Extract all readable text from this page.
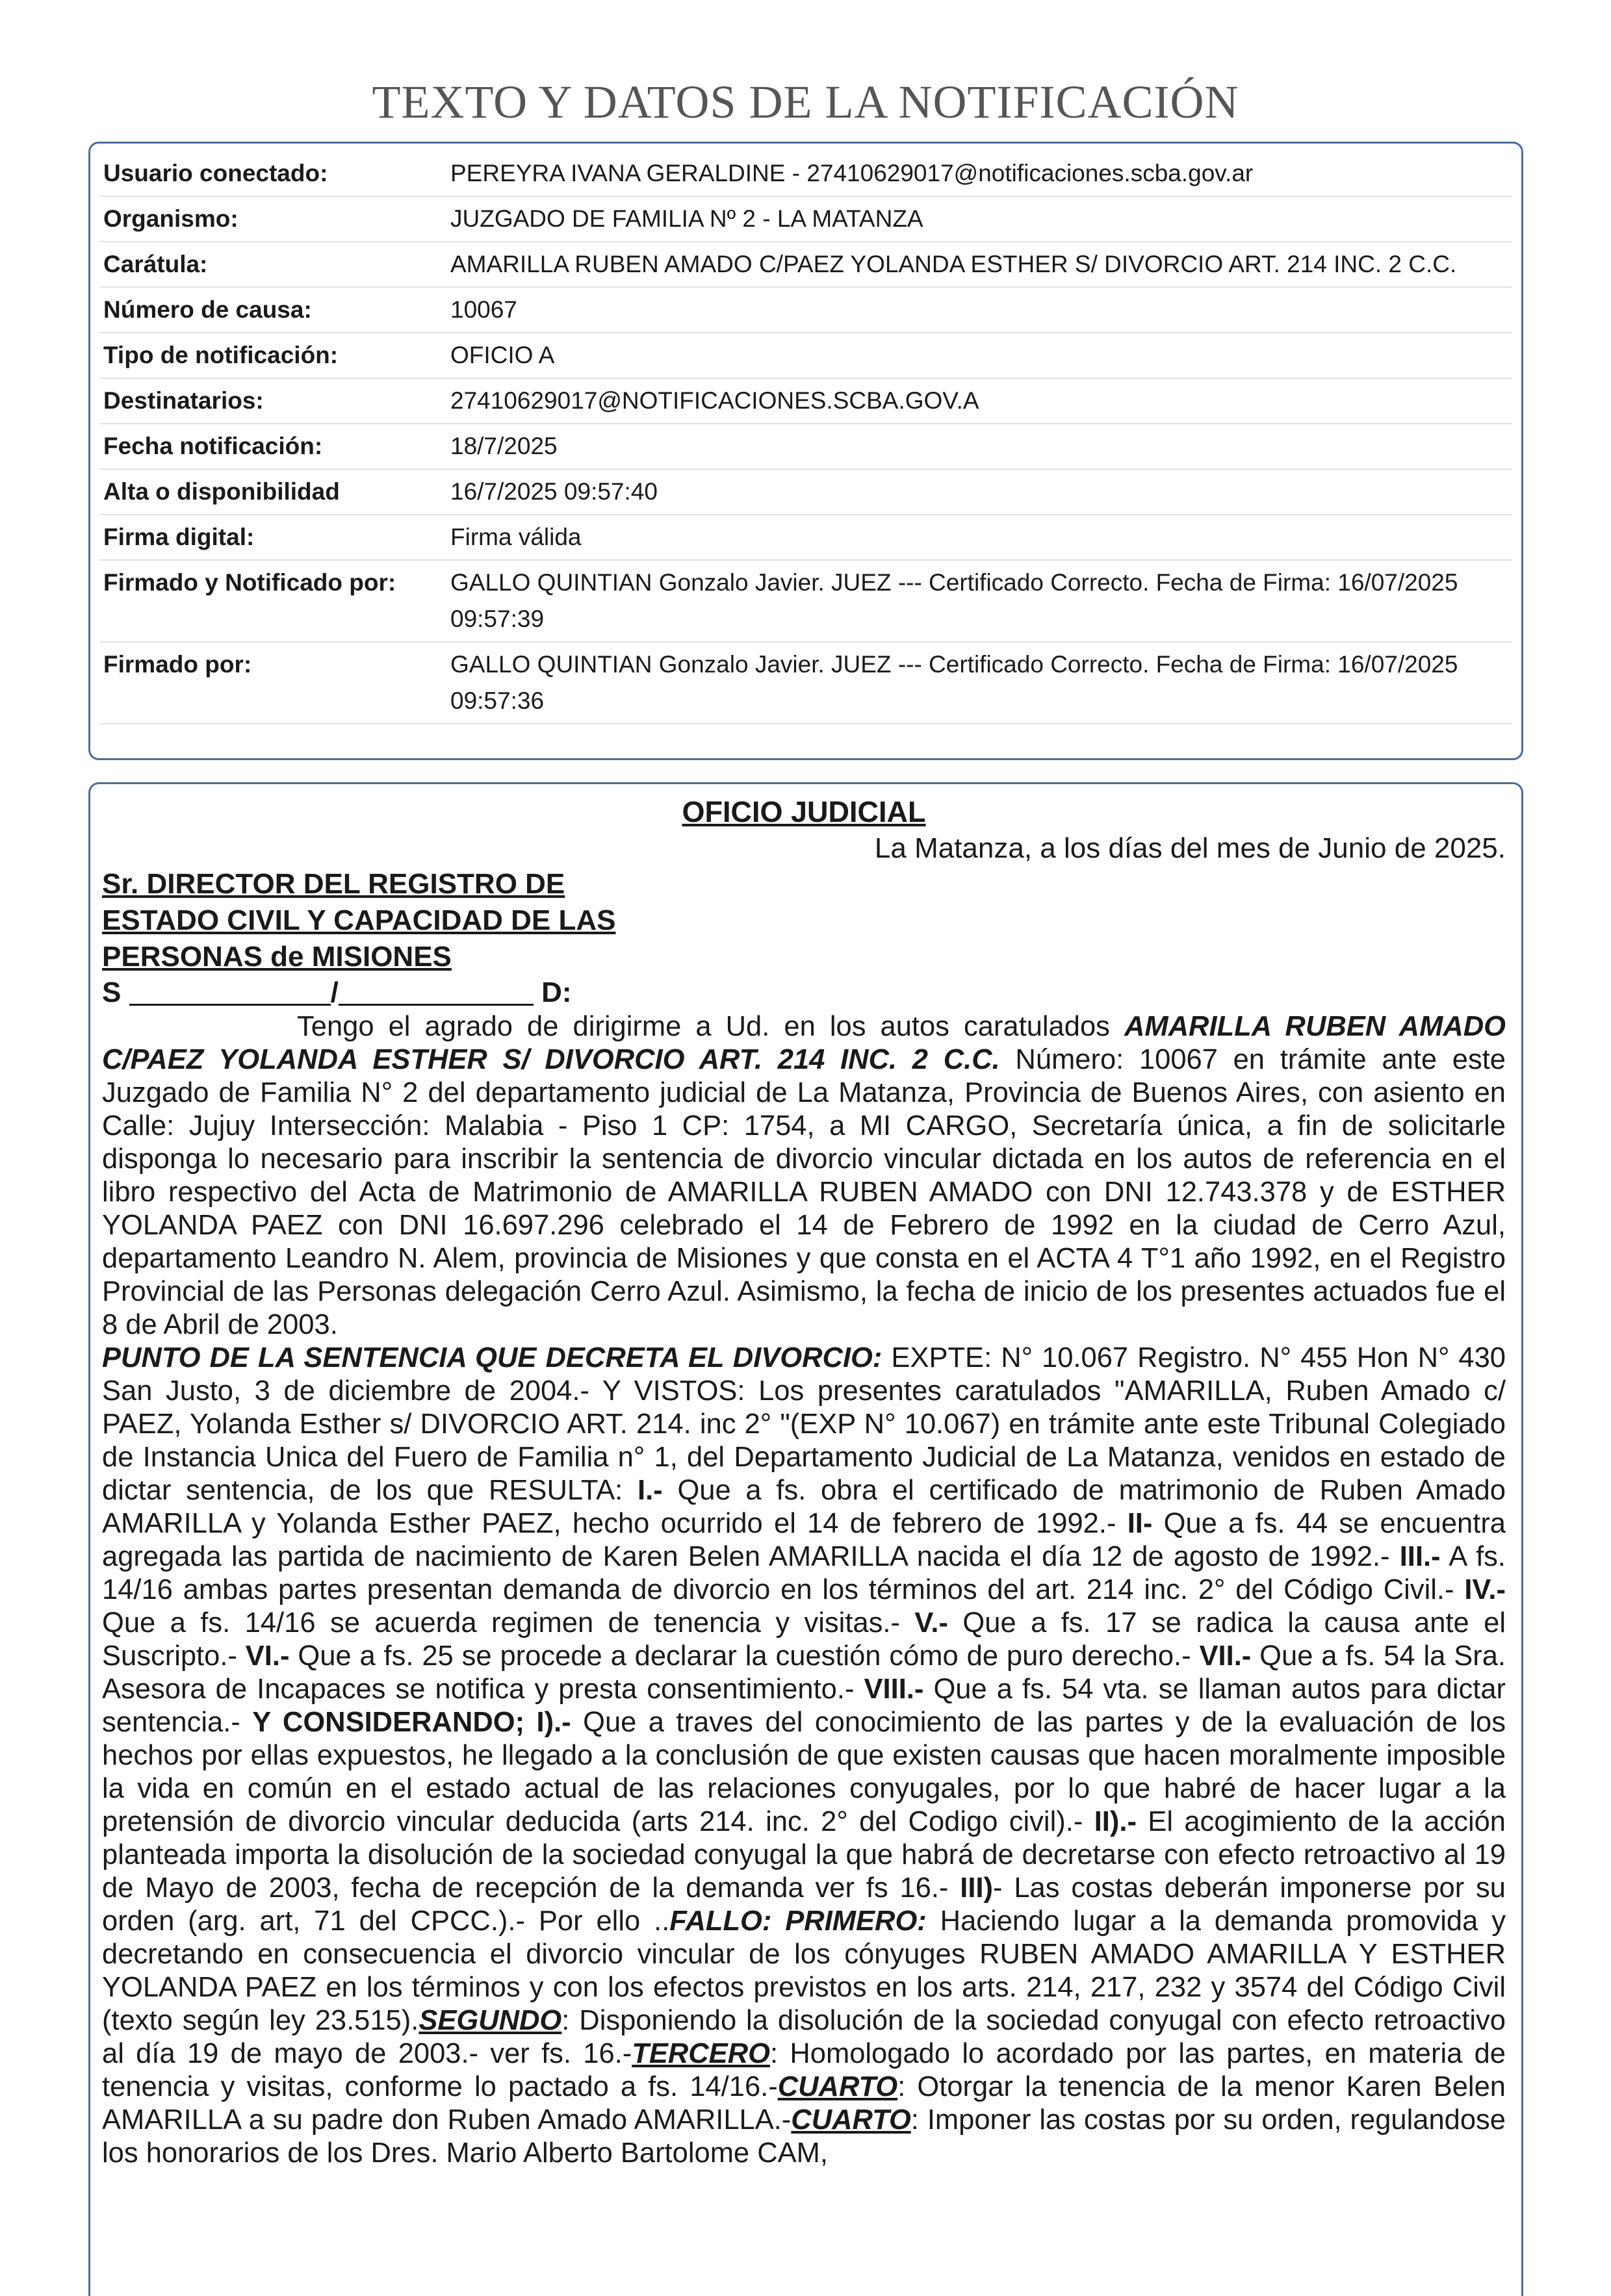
TEXTO Y DATOS DE LA NOTIFICACIÓN
Usuario conectado:	PEREYRA IVANA GERALDINE - 27410629017@notificaciones.scba.gov.ar
Organismo:	JUZGADO DE FAMILIA Nº 2 - LA MATANZA
Carátula:	AMARILLA RUBEN AMADO C/PAEZ YOLANDA ESTHER S/ DIVORCIO ART. 214 INC. 2 C.C.
Número de causa:	10067
Tipo de notificación:	OFICIO A
Destinatarios:	27410629017@NOTIFICACIONES.SCBA.GOV.A
Fecha notificación:	18/7/2025
Alta o disponibilidad	16/7/2025 09:57:40
Firma digital:	Firma válida
Firmado y Notificado por:	GALLO QUINTIAN Gonzalo Javier. JUEZ --- Certificado Correcto. Fecha de Firma: 16/07/2025 09:57:39
Firmado por:	GALLO QUINTIAN Gonzalo Javier. JUEZ --- Certificado Correcto. Fecha de Firma: 16/07/2025 09:57:36
OFICIO JUDICIAL
La Matanza, a los días del mes de Junio de 2025.
Sr. DIRECTOR DEL REGISTRO DE ESTADO CIVIL Y CAPACIDAD DE LAS PERSONAS de MISIONES
S	/	D:

Tengo el agrado de dirigirme a Ud. en los autos caratulados AMARILLA RUBEN AMADO C/PAEZ YOLANDA ESTHER S/ DIVORCIO ART. 214 INC. 2 C.C. Número: 10067 en trámite ante este Juzgado de Familia N° 2 del departamento judicial de La Matanza, Provincia de Buenos Aires, con asiento en Calle: Jujuy Intersección: Malabia - Piso 1 CP: 1754, a MI CARGO, Secretaría única, a fin de solicitarle disponga lo necesario para inscribir la sentencia de divorcio vincular dictada en los autos de referencia en el libro respectivo del Acta de Matrimonio de AMARILLA RUBEN AMADO con DNI 12.743.378 y de ESTHER YOLANDA PAEZ con DNI 16.697.296 celebrado el 14 de Febrero de 1992 en la ciudad de Cerro Azul, departamento Leandro N. Alem, provincia de Misiones y que consta en el ACTA 4 T°1 año 1992, en el Registro Provincial de las Personas delegación Cerro Azul. Asimismo, la fecha de inicio de los presentes actuados fue el 8 de Abril de 2003.

PUNTO DE LA SENTENCIA QUE DECRETA EL DIVORCIO: EXPTE: N° 10.067 Registro. N° 455 Hon N° 430 San Justo, 3 de diciembre de 2004.- Y VISTOS: Los presentes caratulados "AMARILLA, Ruben Amado c/ PAEZ, Yolanda Esther s/ DIVORCIO ART. 214. inc 2° "(EXP N° 10.067) en trámite ante este Tribunal Colegiado de Instancia Unica del Fuero de Familia n° 1, del Departamento Judicial de La Matanza, venidos en estado de dictar sentencia, de los que RESULTA: I.- Que a fs. obra el certificado de matrimonio de Ruben Amado AMARILLA y Yolanda Esther PAEZ, hecho ocurrido el 14 de febrero de 1992.- II- Que a fs. 44 se encuentra agregada las partida de nacimiento de Karen Belen AMARILLA nacida el día 12 de agosto de 1992.- III.- A fs. 14/16 ambas partes presentan demanda de divorcio en los términos del art. 214 inc. 2° del Código Civil.- IV.- Que a fs. 14/16 se acuerda regimen de tenencia y visitas.- V.- Que a fs. 17 se radica la causa ante el Suscripto.- VI.- Que a fs. 25 se procede a declarar la cuestión cómo de puro derecho.- VII.- Que a fs. 54 la Sra. Asesora de Incapaces se notifica y presta consentimiento.- VIII.- Que a fs. 54 vta. se llaman autos para dictar sentencia.- Y CONSIDERANDO; I).- Que a traves del conocimiento de las partes y de la evaluación de los hechos por ellas expuestos, he llegado a la conclusión de que existen causas que hacen moralmente imposible la vida en común en el estado actual de las relaciones conyugales, por lo que habré de hacer lugar a la pretensión de divorcio vincular deducida (arts 214. inc. 2° del Codigo civil).- II).- El acogimiento de la acción planteada importa la disolución de la sociedad conyugal la que habrá de decretarse con efecto retroactivo al 19 de Mayo de 2003, fecha de recepción de la demanda ver fs 16.- III)- Las costas deberán imponerse por su orden (arg. art, 71 del CPCC.).- Por ello ..FALLO: PRIMERO: Haciendo lugar a la demanda promovida y decretando en consecuencia el divorcio vincular de los cónyuges RUBEN AMADO AMARILLA Y ESTHER YOLANDA PAEZ en los términos y con los efectos previstos en los arts. 214, 217, 232 y 3574 del Código Civil (texto según ley 23.515).SEGUNDO: Disponiendo la disolución de la sociedad conyugal con efecto retroactivo al día 19 de mayo de 2003.- ver fs. 16.-TERCERO: Homologado lo acordado por las partes, en materia de tenencia y visitas, conforme lo pactado a fs. 14/16.-CUARTO: Otorgar la tenencia de la menor Karen Belen AMARILLA a su padre don Ruben Amado AMARILLA.-CUARTO: Imponer las costas por su orden, regulandose los honorarios de los Dres. Mario Alberto Bartolome CAM,
